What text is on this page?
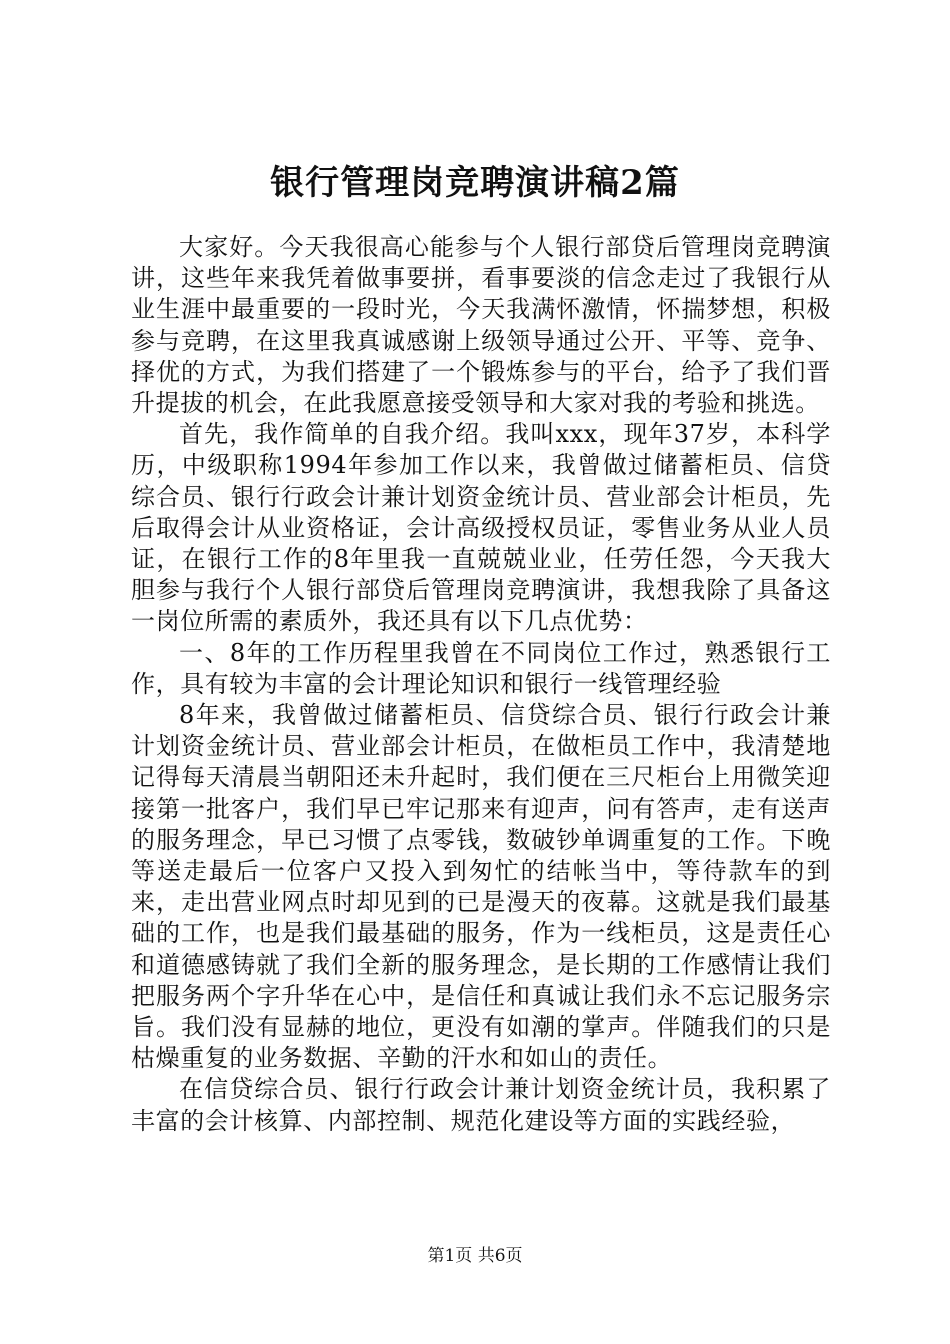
银行管理岗竞聘演讲稿2篇

大家好。今天我很高心能参与个人银行部贷后管理岗竞聘演讲，这些年来我凭着做事要拼，看事要淡的信念走过了我银行从业生涯中最重要的一段时光，今天我满怀激情，怀揣梦想，积极参与竞聘，在这里我真诚感谢上级领导通过公开、平等、竞争、择优的方式，为我们搭建了一个锻炼参与的平台，给予了我们晋升提拔的机会，在此我愿意接受领导和大家对我的考验和挑选。

首先，我作简单的自我介绍。我叫xxx，现年37岁，本科学历，中级职称1994年参加工作以来，我曾做过储蓄柜员、信贷综合员、银行行政会计兼计划资金统计员、营业部会计柜员，先后取得会计从业资格证，会计高级授权员证，零售业务从业人员证，在银行工作的8年里我一直兢兢业业，任劳任怨，今天我大胆参与我行个人银行部贷后管理岗竞聘演讲，我想我除了具备这一岗位所需的素质外，我还具有以下几点优势：

一、8年的工作历程里我曾在不同岗位工作过，熟悉银行工作，具有较为丰富的会计理论知识和银行一线管理经验

8年来，我曾做过储蓄柜员、信贷综合员、银行行政会计兼计划资金统计员、营业部会计柜员，在做柜员工作中，我清楚地记得每天清晨当朝阳还未升起时，我们便在三尺柜台上用微笑迎接第一批客户，我们早已牢记那来有迎声，问有答声，走有送声的服务理念，早已习惯了点零钱，数破钞单调重复的工作。下晚等送走最后一位客户又投入到匆忙的结帐当中，等待款车的到来，走出营业网点时却见到的已是漫天的夜幕。这就是我们最基础的工作，也是我们最基础的服务，作为一线柜员，这是责任心和道德感铸就了我们全新的服务理念，是长期的工作感情让我们把服务两个字升华在心中，是信任和真诚让我们永不忘记服务宗旨。我们没有显赫的地位，更没有如潮的掌声。伴随我们的只是枯燥重复的业务数据、辛勤的汗水和如山的责任。

在信贷综合员、银行行政会计兼计划资金统计员，我积累了丰富的会计核算、内部控制、规范化建设等方面的实践经验，

第1页 共6页
